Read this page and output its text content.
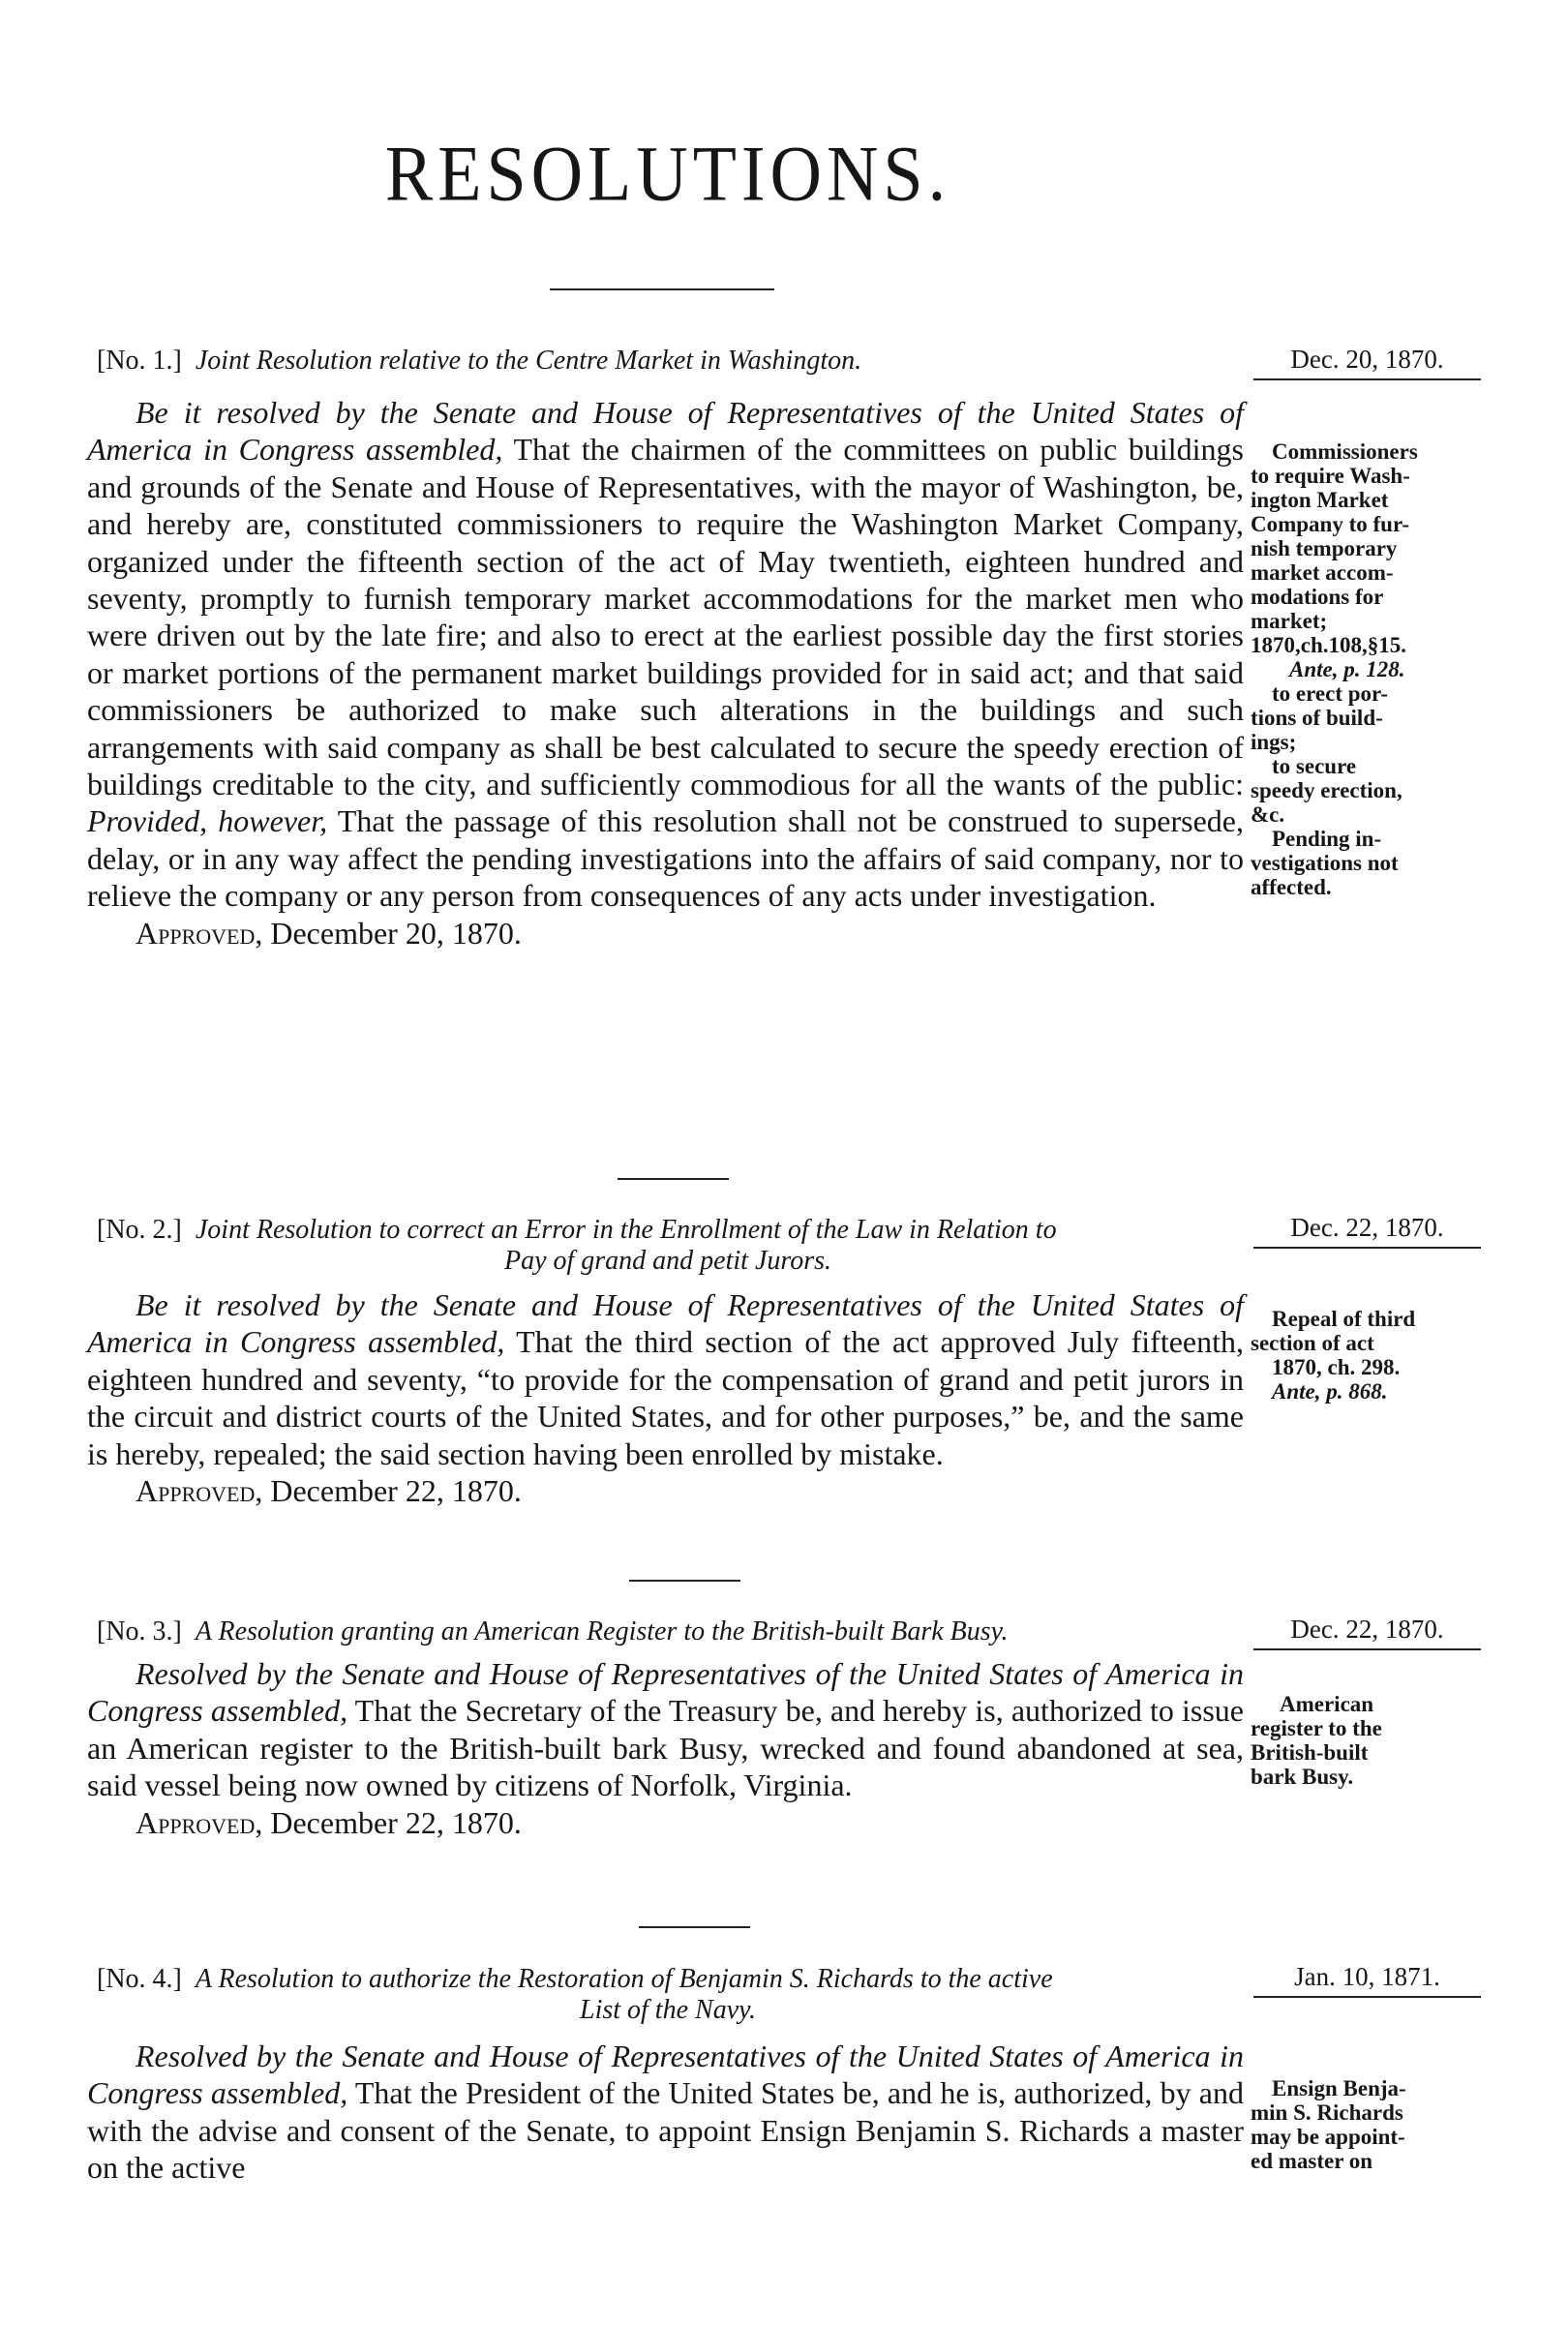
RESOLUTIONS.
[No. 1.] Joint Resolution relative to the Centre Market in Washington.	Dec. 20, 1870.

Be it resolved by the Senate and House of Representatives of the United States of America in Congress assembled, That the chairmen of the committees on public buildings and grounds of the Senate and House of Representatives, with the mayor of Washington, be, and hereby are, constituted commissioners to require the Washington Market Company, organized under the fifteenth section of the act of May twentieth, eighteen hundred and seventy, promptly to furnish temporary market accommodations for the market men who were driven out by the late fire; and also to erect at the earliest possible day the first stories or market portions of the permanent market buildings provided for in said act; and that said commissioners be authorized to make such alterations in the buildings and such arrangements with said company as shall be best calculated to secure the speedy erection of buildings creditable to the city, and sufficiently commodious for all the wants of the public: Provided, however, That the passage of this resolution shall not be construed to supersede, delay, or in any way affect the pending investigations into the affairs of said company, nor to relieve the company or any person from consequences of any acts under investigation.

Approved, December 20, 1870.

Commissioners
to require Wash-
ington Market
Company to fur-
nish temporary
market accom-
modations for
market;
1870,ch.108,§15.
Ante, p. 128.
to erect por-
tions of build-
ings;
to secure
speedy erection,
&c.
Pending in-
vestigations not
affected.
[No. 2.] Joint Resolution to correct an Error in the Enrollment of the Law in Relation to
Pay of grand and petit Jurors.
Dec. 22, 1870.

Be it resolved by the Senate and House of Representatives of the United States of America in Congress assembled, That the third section of the act approved July fifteenth, eighteen hundred and seventy, “to provide for the compensation of grand and petit jurors in the circuit and district courts of the United States, and for other purposes,” be, and the same is hereby, repealed; the said section having been enrolled by mistake.

Approved, December 22, 1870.

Repeal of third
section of act
1870, ch. 298.
Ante, p. 868.
[No. 3.] A Resolution granting an American Register to the British-built Bark Busy.	Dec. 22, 1870.

Resolved by the Senate and House of Representatives of the United States of America in Congress assembled, That the Secretary of the Treasury be, and hereby is, authorized to issue an American register to the British-built bark Busy, wrecked and found abandoned at sea, said vessel being now owned by citizens of Norfolk, Virginia.

Approved, December 22, 1870.

American
register to the
British-built
bark Busy.
[No. 4.] A Resolution to authorize the Restoration of Benjamin S. Richards to the active
List of the Navy.
Jan. 10, 1871.

Resolved by the Senate and House of Representatives of the United States of America in Congress assembled, That the President of the United States be, and he is, authorized, by and with the advise and consent of the Senate, to appoint Ensign Benjamin S. Richards a master on the active

Ensign Benja-
min S. Richards
may be appoint-
ed master on
